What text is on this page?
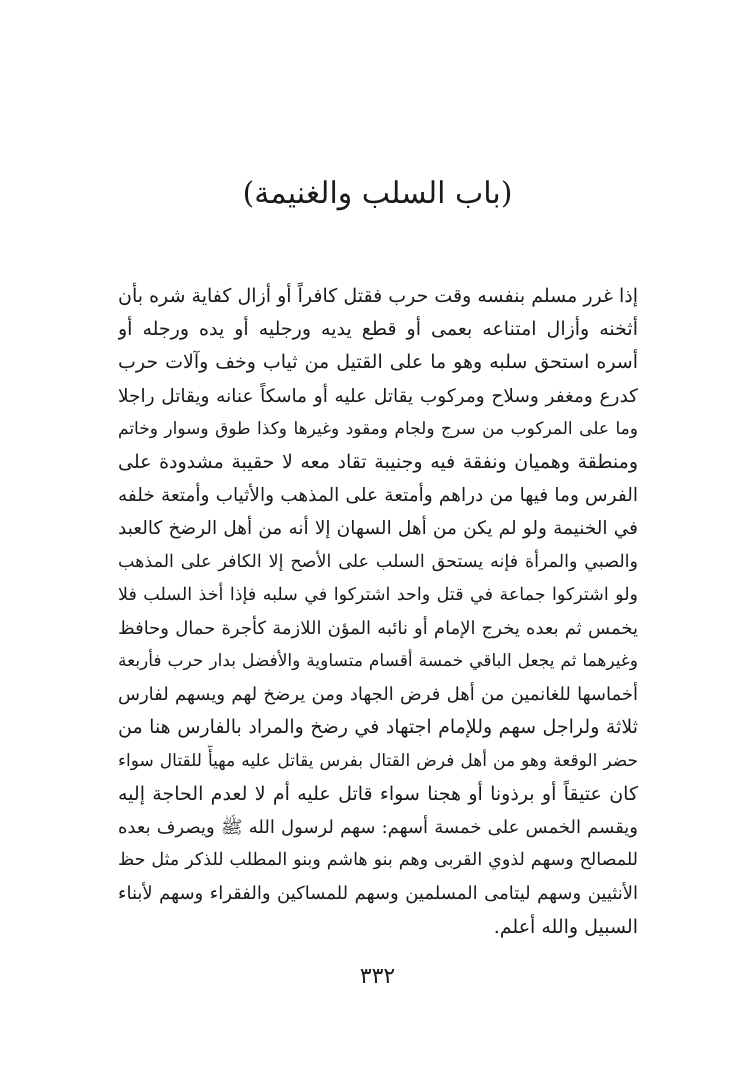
(باب السلب والغنيمة)
إذا غرر مسلم بنفسه وقت حرب فقتل كافراً أو أزال كفاية شره بأن
أثخنه وأزال امتناعه بعمى أو قطع يديه ورجليه أو يده ورجله أو
أسره استحق سلبه وهو ما على القتيل من ثياب وخف وآلات حرب
كدرع ومغفر وسلاح ومركوب يقاتل عليه أو ماسكاً عنانه ويقاتل راجلا
وما على المركوب من سرج ولجام ومقود وغيرها وكذا طوق وسوار وخاتم
ومنطقة وهميان ونفقة فيه وجنيبة تقاد معه لا حقيبة مشدودة على
الفرس وما فيها من دراهم وأمتعة على المذهب والأثياب وأمتعة خلفه
في الخنيمة ولو لم يكن من أهل السهان إلا أنه من أهل الرضخ كالعبد
والصبي والمرأة فإنه يستحق السلب على الأصح إلا الكافر على المذهب
ولو اشتركوا جماعة في قتل واحد اشتركوا في سلبه فإذا أخذ السلب فلا
يخمس ثم بعده يخرج الإمام أو نائبه المؤن اللازمة كأجرة حمال وحافظ
وغيرهما ثم يجعل الباقي خمسة أقسام متساوية والأفضل بدار حرب فأربعة
أخماسها للغانمين من أهل فرض الجهاد ومن يرضخ لهم ويسهم لفارس
ثلاثة ولراجل سهم وللإمام اجتهاد في رضخ والمراد بالفارس هنا من
حضر الوقعة وهو من أهل فرض القتال بفرس يقاتل عليه مهيأً للقتال سواء
كان عتيقاً أو برذونا أو هجنا سواء قاتل عليه أم لا لعدم الحاجة إليه
ويقسم الخمس على خمسة أسهم: سهم لرسول الله ﷺ ويصرف بعده
للمصالح وسهم لذوي القربى وهم بنو هاشم وبنو المطلب للذكر مثل حظ
الأنثيين وسهم ليتامى المسلمين وسهم للمساكين والفقراء وسهم لأبناء
السبيل والله أعلم.
٣٣٢
